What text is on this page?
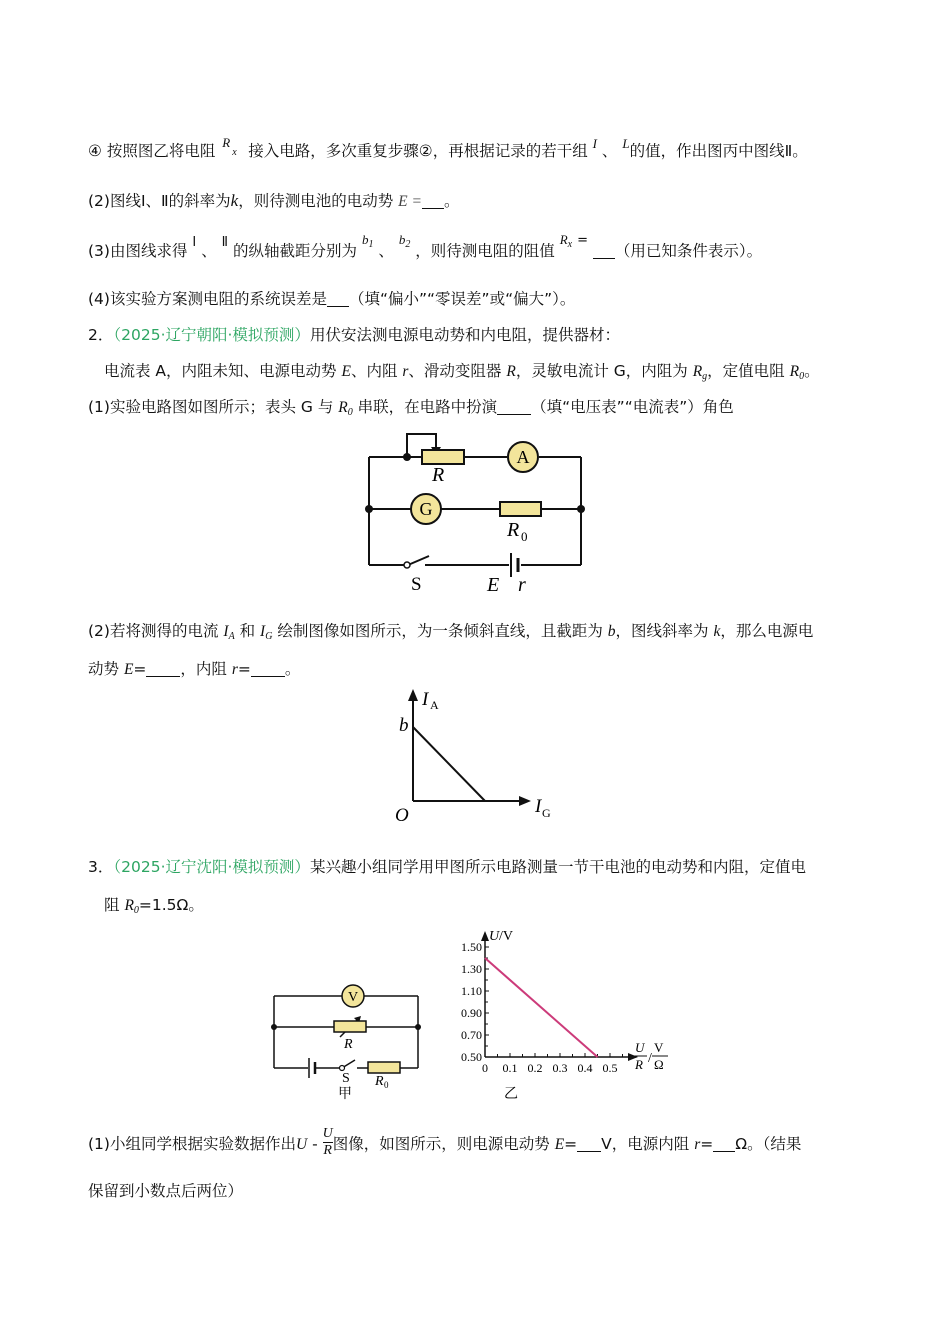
④ 按照图乙将电阻 R
x 接入电路，多次重复步骤②，再根据记录的若干组 $^I$ 、 $^L$的值，作出图丙中图线Ⅱ。
(2)图线Ⅰ、Ⅱ的斜率为k，则待测电池的电动势 E = 。
(3)由图线求得 $^Ⅰ$ 、 $^Ⅱ$ 的纵轴截距分别为 $b_1$ 、 $b_2$ ，则待测电阻的阻值 $R_x$ = （用已知条件表示）。
(4)该实验方案测电阻的系统误差是 （填“偏小”“零误差”或“偏大”）。
2．（2025·辽宁朝阳·模拟预测）用伏安法测电源电动势和内电阻，提供器材：
电流表 A，内阻未知、电源电动势 E、内阻 r、滑动变阻器 R，灵敏电流计 G，内阻为 $R_g$，定值电阻 $R_0$。
(1)实验电路图如图所示；表头 G 与 $R_0$ 串联，在电路中扮演 （填“电压表”“电流表”）角色
A
G
R
R 0
S	E r
(2)若将测得的电流 $I_A$ 和 $I_G$ 绘制图像如图所示，为一条倾斜直线，且截距为 b，图线斜率为 k，那么电源电
动势 E= ，内阻 r= 。
I A
I G
b
O
3．（2025·辽宁沈阳·模拟预测）某兴趣小组同学用甲图所示电路测量一节干电池的电动势和内阻，定值电
阻 $R_0=1.5\Omega$。
V
R
S R 0
甲
0.50
0.70
0.90
1.10
1.30
1.50
0 0.1 0.2 0.3 0.4 0.5
U /V
U
R /
V
Ω
乙
(1)小组同学根据实验数据作出U - $\frac{U}{R}$ 图像，如图所示，则电源电动势 E= V，电源内阻 r= Ω。（结果
保留到小数点后两位）
